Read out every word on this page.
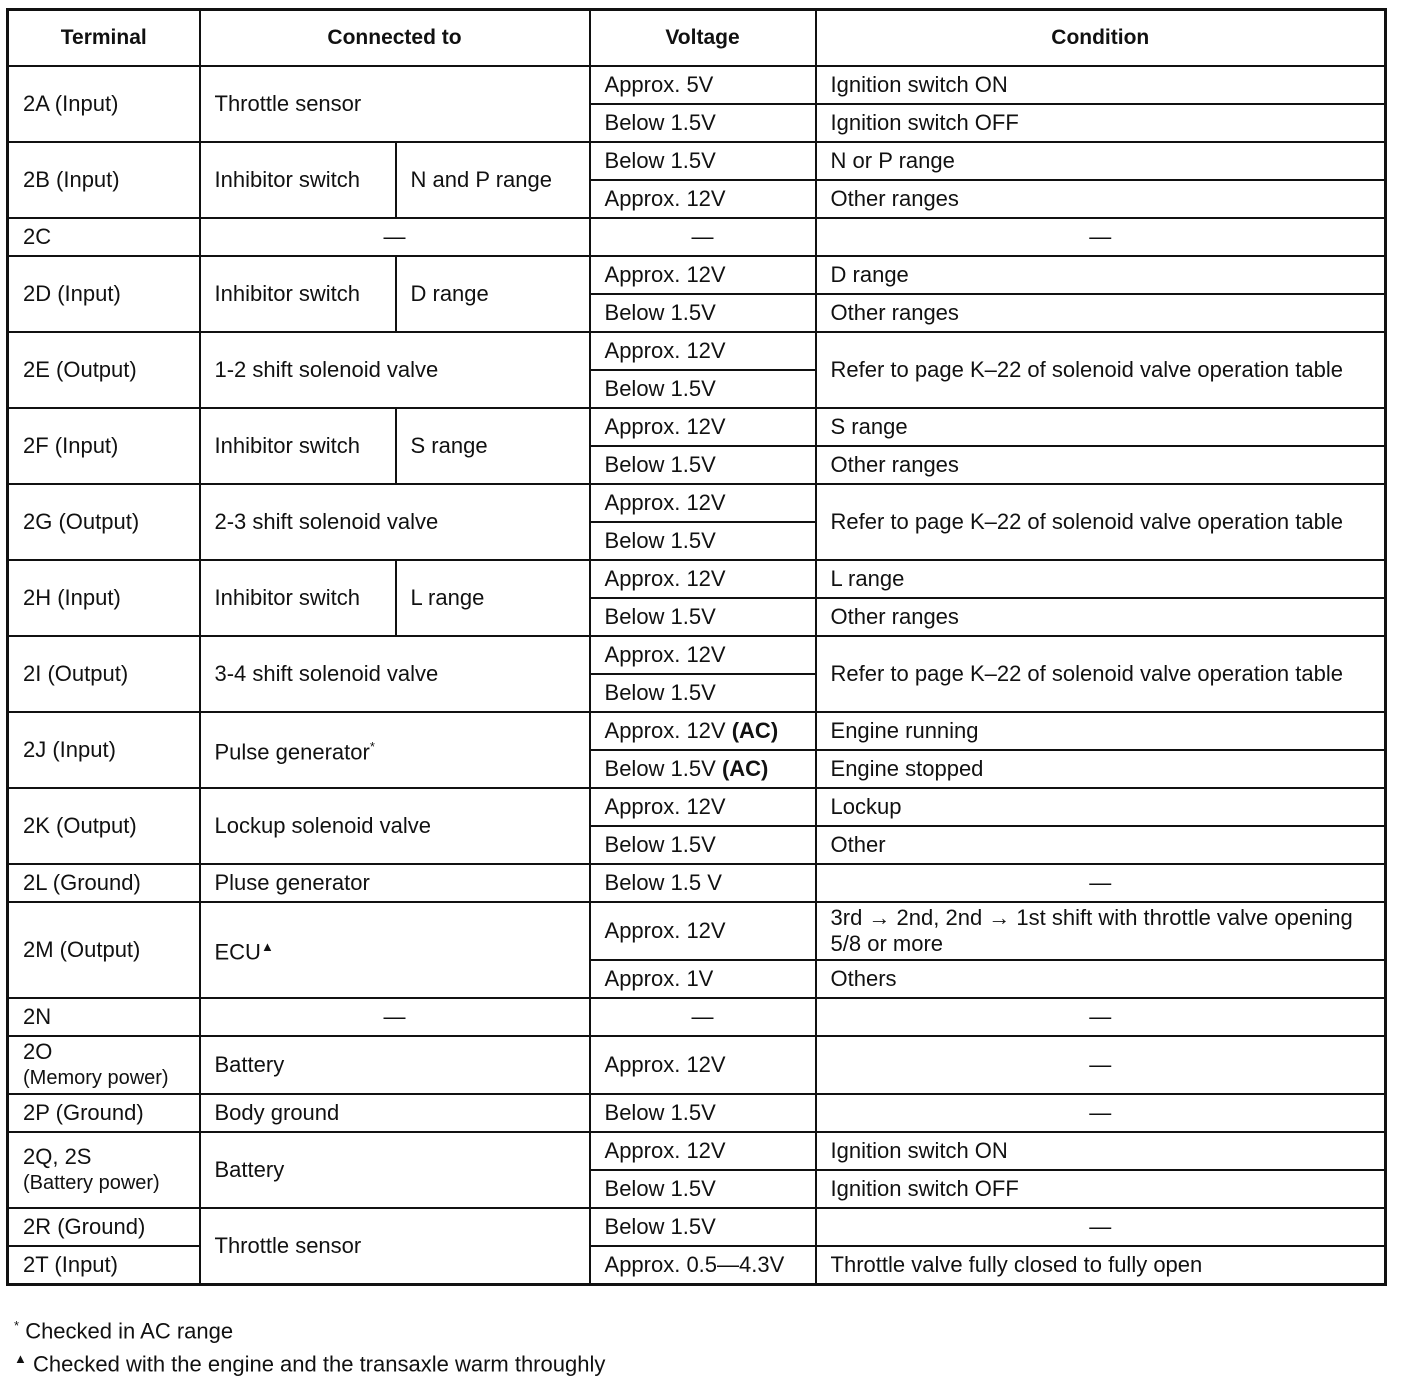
Terminal	Connected to		Voltage	Condition
2A (Input)	Throttle sensor		Approx. 5V	Ignition switch ON
			Below 1.5V	Ignition switch OFF
2B (Input)	Inhibitor switch	N and P range	Below 1.5V	N or P range
			Approx. 12V	Other ranges
2C	—		—	—
2D (Input)	Inhibitor switch	D range	Approx. 12V	D range
			Below 1.5V	Other ranges
2E (Output)	1-2 shift solenoid valve		Approx. 12V	Refer to page K–22 of solenoid valve operation table
			Below 1.5V	
2F (Input)	Inhibitor switch	S range	Approx. 12V	S range
			Below 1.5V	Other ranges
2G (Output)	2-3 shift solenoid valve		Approx. 12V	Refer to page K–22 of solenoid valve operation table
			Below 1.5V	
2H (Input)	Inhibitor switch	L range	Approx. 12V	L range
			Below 1.5V	Other ranges
2I (Output)	3-4 shift solenoid valve		Approx. 12V	Refer to page K–22 of solenoid valve operation table
			Below 1.5V	
2J (Input)	Pulse generator*		Approx. 12V (AC)	Engine running
			Below 1.5V (AC)	Engine stopped
2K (Output)	Lockup solenoid valve		Approx. 12V	Lockup
			Below 1.5V	Other
2L (Ground)	Pluse generator		Below 1.5 V	—
2M (Output)	ECU▲		Approx. 12V	3rd → 2nd, 2nd → 1st shift with throttle valve opening 5/8 or more
			Approx. 1V	Others
2N	—		—	—

2O
(Memory power)	Battery		Approx. 12V	—
2P (Ground)	Body ground		Below 1.5V	—

2Q, 2S
(Battery power)	Battery		Approx. 12V	Ignition switch ON
			Below 1.5V	Ignition switch OFF
2R (Ground)	Throttle sensor		Below 1.5V	—
2T (Input)			Approx. 0.5—4.3V	Throttle valve fully closed to fully open
* Checked in AC range
▲ Checked with the engine and the transaxle warm throughly
